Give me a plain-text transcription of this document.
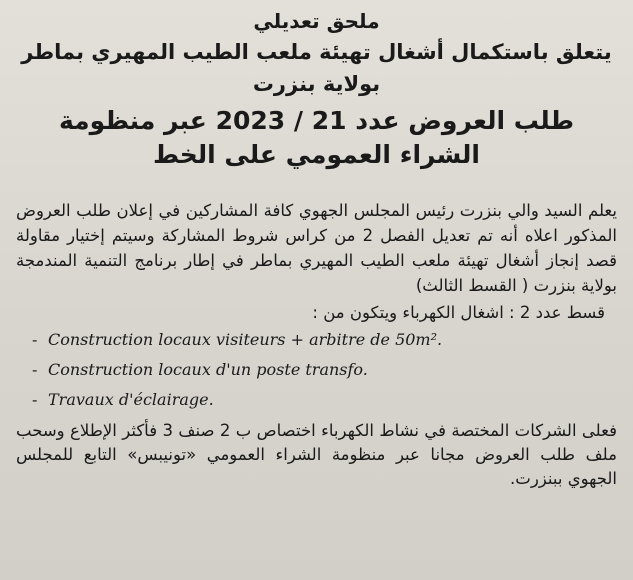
ملحق تعديلي
يتعلق باستكمال أشغال تهيئة ملعب الطيب المهيري بماطر بولاية بنزرت
طلب العروض عدد 21 / 2023 عبر منظومة الشراء العمومي على الخط

يعلم السيد والي بنزرت رئيس المجلس الجهوي كافة المشاركين في إعلان طلب العروض المذكور اعلاه أنه تم تعديل الفصل 2 من كراس شروط المشاركة وسيتم إختيار مقاولة قصد إنجاز أشغال تهيئة ملعب الطيب المهيري بماطر في إطار برنامج التنمية المندمجة بولاية بنزرت ( القسط الثالث)

قسط عدد 2 : اشغال الكهرباء ويتكون من :

- Construction locaux visiteurs + arbitre de 50m².
- Construction locaux d'un poste transfo.
- Travaux d'éclairage.

فعلى الشركات المختصة في نشاط الكهرباء اختصاص ب 2 صنف 3 فأكثر الإطلاع وسحب ملف طلب العروض مجانا عبر منظومة الشراء العمومي «تونيبس» التابع للمجلس الجهوي ببنزرت.
